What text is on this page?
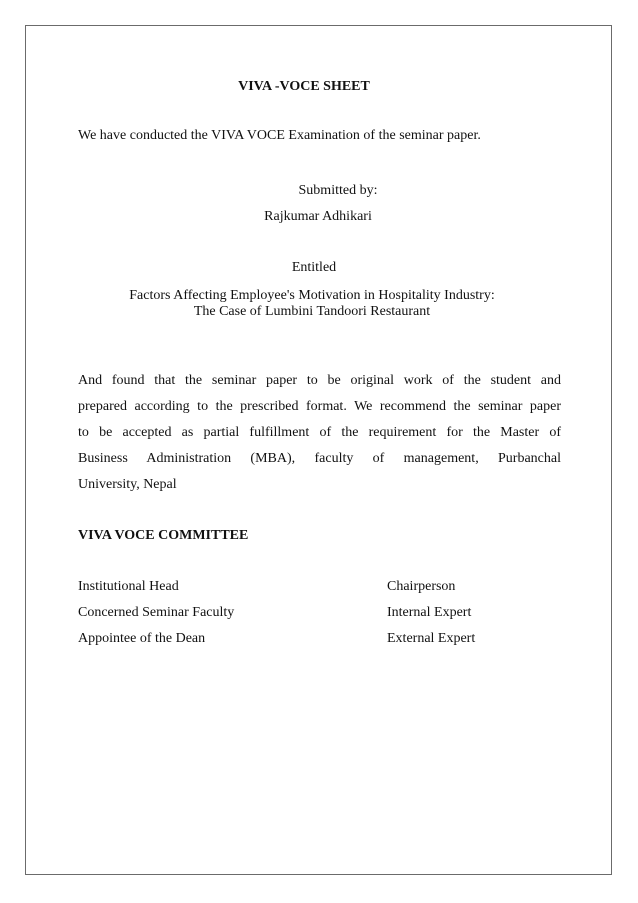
VIVA -VOCE SHEET
We have conducted the VIVA VOCE Examination of the seminar paper.
Submitted by:
Rajkumar Adhikari
Entitled
Factors Affecting Employee's Motivation in Hospitality Industry:
The Case of Lumbini Tandoori Restaurant
And found that the seminar paper to be original work of the student and
prepared according to the prescribed format. We recommend the seminar paper
to be accepted as partial fulfillment of the requirement for the Master of
Business Administration (MBA), faculty of management, Purbanchal
University, Nepal
VIVA VOCE COMMITTEE
Institutional Head	Chairperson
Concerned Seminar Faculty	Internal Expert
Appointee of the Dean	External Expert
